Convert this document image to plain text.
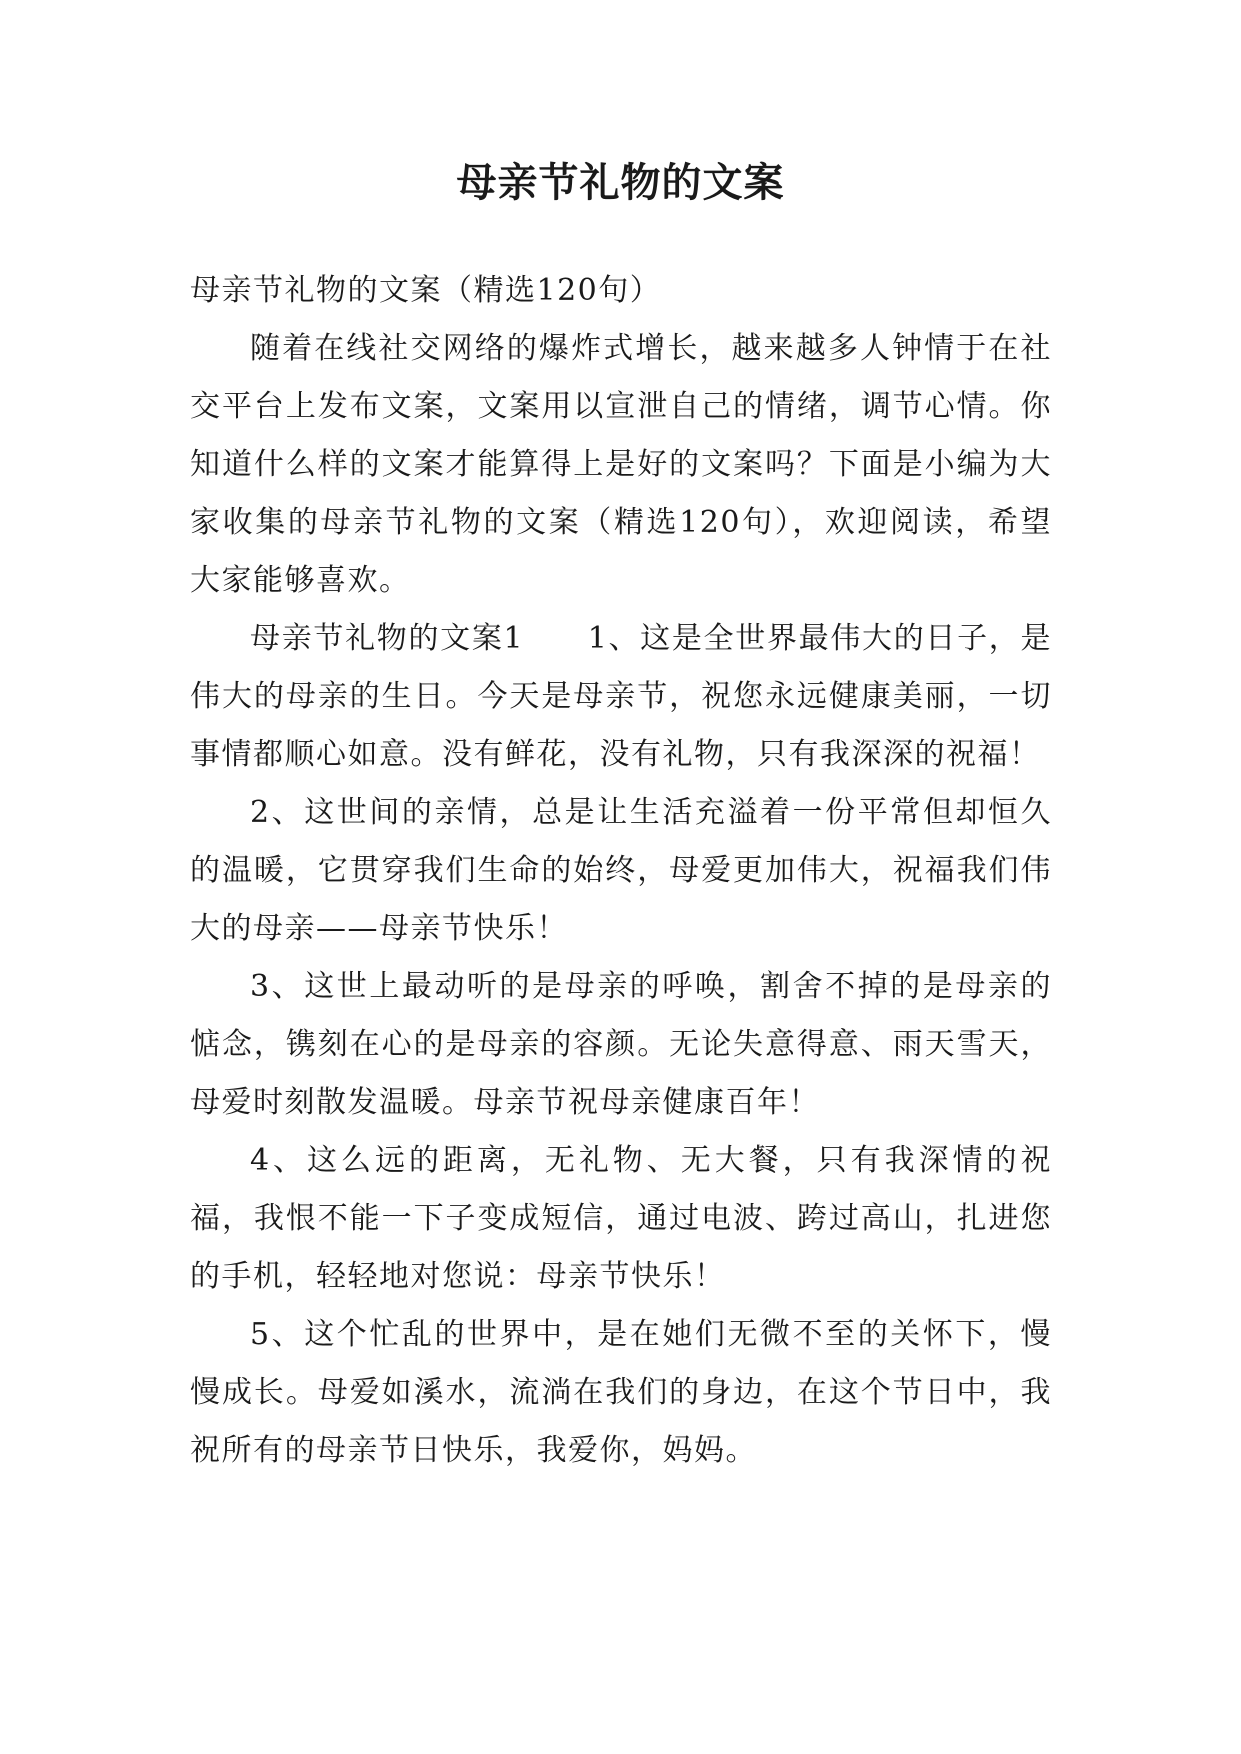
母亲节礼物的文案

母亲节礼物的文案（精选120句）

随着在线社交网络的爆炸式增长，越来越多人钟情于在社交平台上发布文案，文案用以宣泄自己的情绪，调节心情。你知道什么样的文案才能算得上是好的文案吗？下面是小编为大家收集的母亲节礼物的文案（精选120句），欢迎阅读，希望大家能够喜欢。

母亲节礼物的文案1　　1、这是全世界最伟大的日子，是伟大的母亲的生日。今天是母亲节，祝您永远健康美丽，一切事情都顺心如意。没有鲜花，没有礼物，只有我深深的祝福！

2、这世间的亲情，总是让生活充溢着一份平常但却恒久的温暖，它贯穿我们生命的始终，母爱更加伟大，祝福我们伟大的母亲——母亲节快乐！

3、这世上最动听的是母亲的呼唤，割舍不掉的是母亲的惦念，镌刻在心的是母亲的容颜。无论失意得意、雨天雪天，母爱时刻散发温暖。母亲节祝母亲健康百年！

4、这么远的距离，无礼物、无大餐，只有我深情的祝福，我恨不能一下子变成短信，通过电波、跨过高山，扎进您的手机，轻轻地对您说：母亲节快乐！

5、这个忙乱的世界中，是在她们无微不至的关怀下，慢慢成长。母爱如溪水，流淌在我们的身边，在这个节日中，我祝所有的母亲节日快乐，我爱你，妈妈。
